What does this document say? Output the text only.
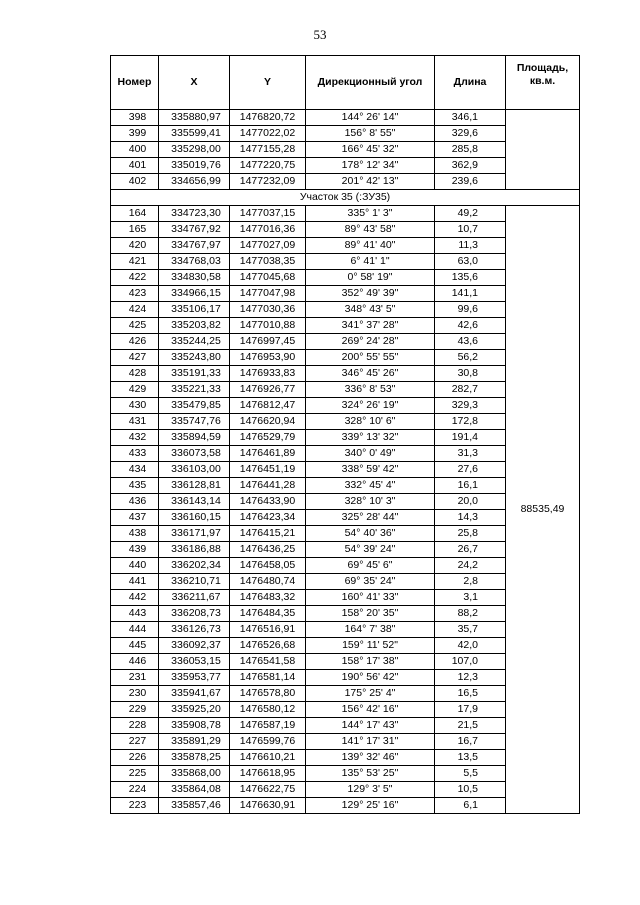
53
Номер	X	Y	Дирекционный угол	Длина	Площадь, кв.м.
398	335880,97	1476820,72	144° 26' 14"	346,1	
399	335599,41	1477022,02	156° 8' 55"	329,6	
400	335298,00	1477155,28	166° 45' 32"	285,8	
401	335019,76	1477220,75	178° 12' 34"	362,9	
402	334656,99	1477232,09	201° 42' 13"	239,6	
Участок 35 (:ЗУ35)					
164	334723,30	1477037,15	335° 1' 3"	49,2	88535,49
165	334767,92	1477016,36	89° 43' 58"	10,7	
420	334767,97	1477027,09	89° 41' 40"	11,3	
421	334768,03	1477038,35	6° 41' 1"	63,0	
422	334830,58	1477045,68	0° 58' 19"	135,6	
423	334966,15	1477047,98	352° 49' 39"	141,1	
424	335106,17	1477030,36	348° 43' 5"	99,6	
425	335203,82	1477010,88	341° 37' 28"	42,6	
426	335244,25	1476997,45	269° 24' 28"	43,6	
427	335243,80	1476953,90	200° 55' 55"	56,2	
428	335191,33	1476933,83	346° 45' 26"	30,8	
429	335221,33	1476926,77	336° 8' 53"	282,7	
430	335479,85	1476812,47	324° 26' 19"	329,3	
431	335747,76	1476620,94	328° 10' 6"	172,8	
432	335894,59	1476529,79	339° 13' 32"	191,4	
433	336073,58	1476461,89	340° 0' 49"	31,3	
434	336103,00	1476451,19	338° 59' 42"	27,6	
435	336128,81	1476441,28	332° 45' 4"	16,1	
436	336143,14	1476433,90	328° 10' 3"	20,0	
437	336160,15	1476423,34	325° 28' 44"	14,3	
438	336171,97	1476415,21	54° 40' 36"	25,8	
439	336186,88	1476436,25	54° 39' 24"	26,7	
440	336202,34	1476458,05	69° 45' 6"	24,2	
441	336210,71	1476480,74	69° 35' 24"	2,8	
442	336211,67	1476483,32	160° 41' 33"	3,1	
443	336208,73	1476484,35	158° 20' 35"	88,2	
444	336126,73	1476516,91	164° 7' 38"	35,7	
445	336092,37	1476526,68	159° 11' 52"	42,0	
446	336053,15	1476541,58	158° 17' 38"	107,0	
231	335953,77	1476581,14	190° 56' 42"	12,3	
230	335941,67	1476578,80	175° 25' 4"	16,5	
229	335925,20	1476580,12	156° 42' 16"	17,9	
228	335908,78	1476587,19	144° 17' 43"	21,5	
227	335891,29	1476599,76	141° 17' 31"	16,7	
226	335878,25	1476610,21	139° 32' 46"	13,5	
225	335868,00	1476618,95	135° 53' 25"	5,5	
224	335864,08	1476622,75	129° 3' 5"	10,5	
223	335857,46	1476630,91	129° 25' 16"	6,1	
